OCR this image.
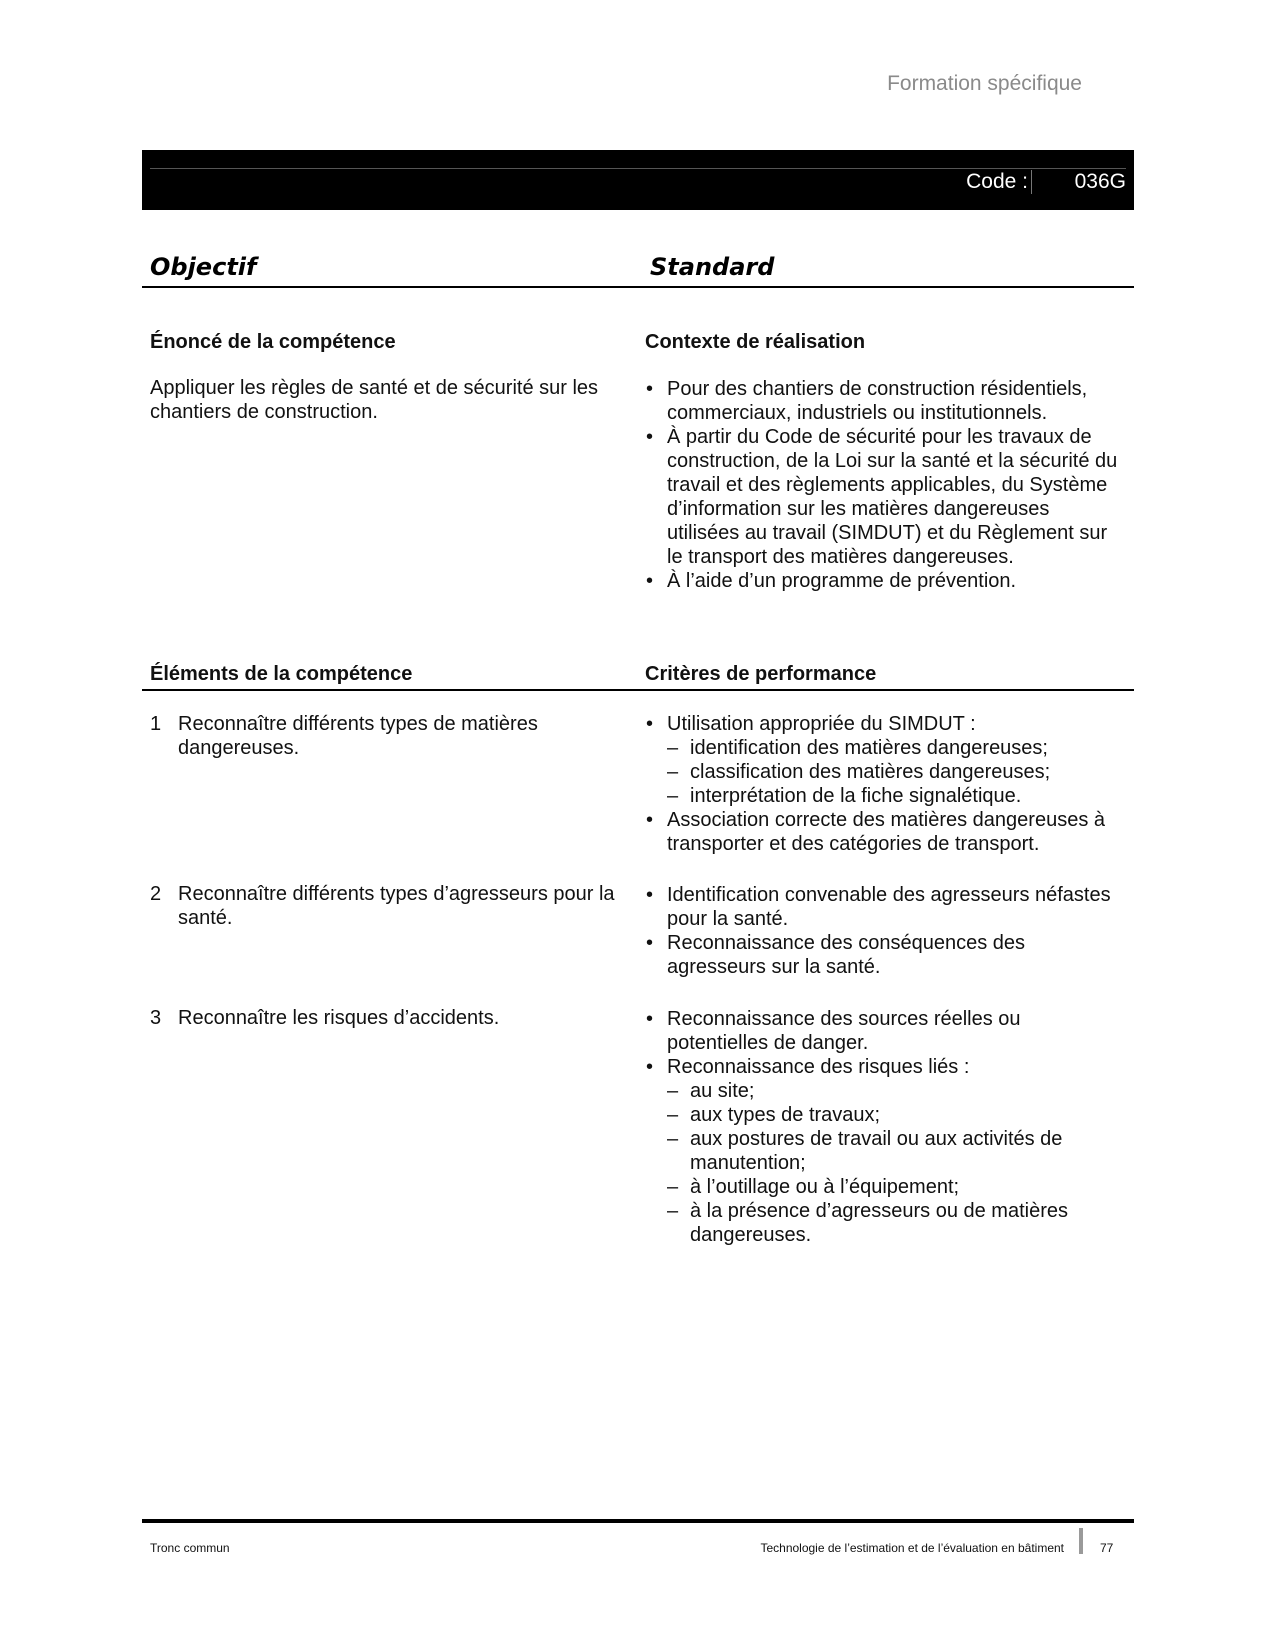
Formation spécifique
Code : 036G
Objectif	Standard
Énoncé de la compétence	Contexte de réalisation
Appliquer les règles de santé et de sécurité sur les chantiers de construction.
• Pour des chantiers de construction résidentiels, commerciaux, industriels ou institutionnels.
• À partir du Code de sécurité pour les travaux de construction, de la Loi sur la santé et la sécurité du travail et des règlements applicables, du Système d’information sur les matières dangereuses utilisées au travail (SIMDUT) et du Règlement sur le transport des matières dangereuses.
• À l’aide d’un programme de prévention.
Éléments de la compétence	Critères de performance
1 Reconnaître différents types de matières dangereuses.
• Utilisation appropriée du SIMDUT :
– identification des matières dangereuses;
– classification des matières dangereuses;
– interprétation de la fiche signalétique.
• Association correcte des matières dangereuses à transporter et des catégories de transport.
2 Reconnaître différents types d’agresseurs pour la santé.
• Identification convenable des agresseurs néfastes pour la santé.
• Reconnaissance des conséquences des agresseurs sur la santé.
3 Reconnaître les risques d’accidents.
•	Reconnaissance des sources réelles ou potentielles de danger.
• Reconnaissance des risques liés :
– au site;
– aux types de travaux;
– aux postures de travail ou aux activités de manutention;
– à l’outillage ou à l’équipement;
– à la présence d’agresseurs ou de matières dangereuses.
Tronc commun	Technologie de l’estimation et de l’évaluation en bâtiment	77
